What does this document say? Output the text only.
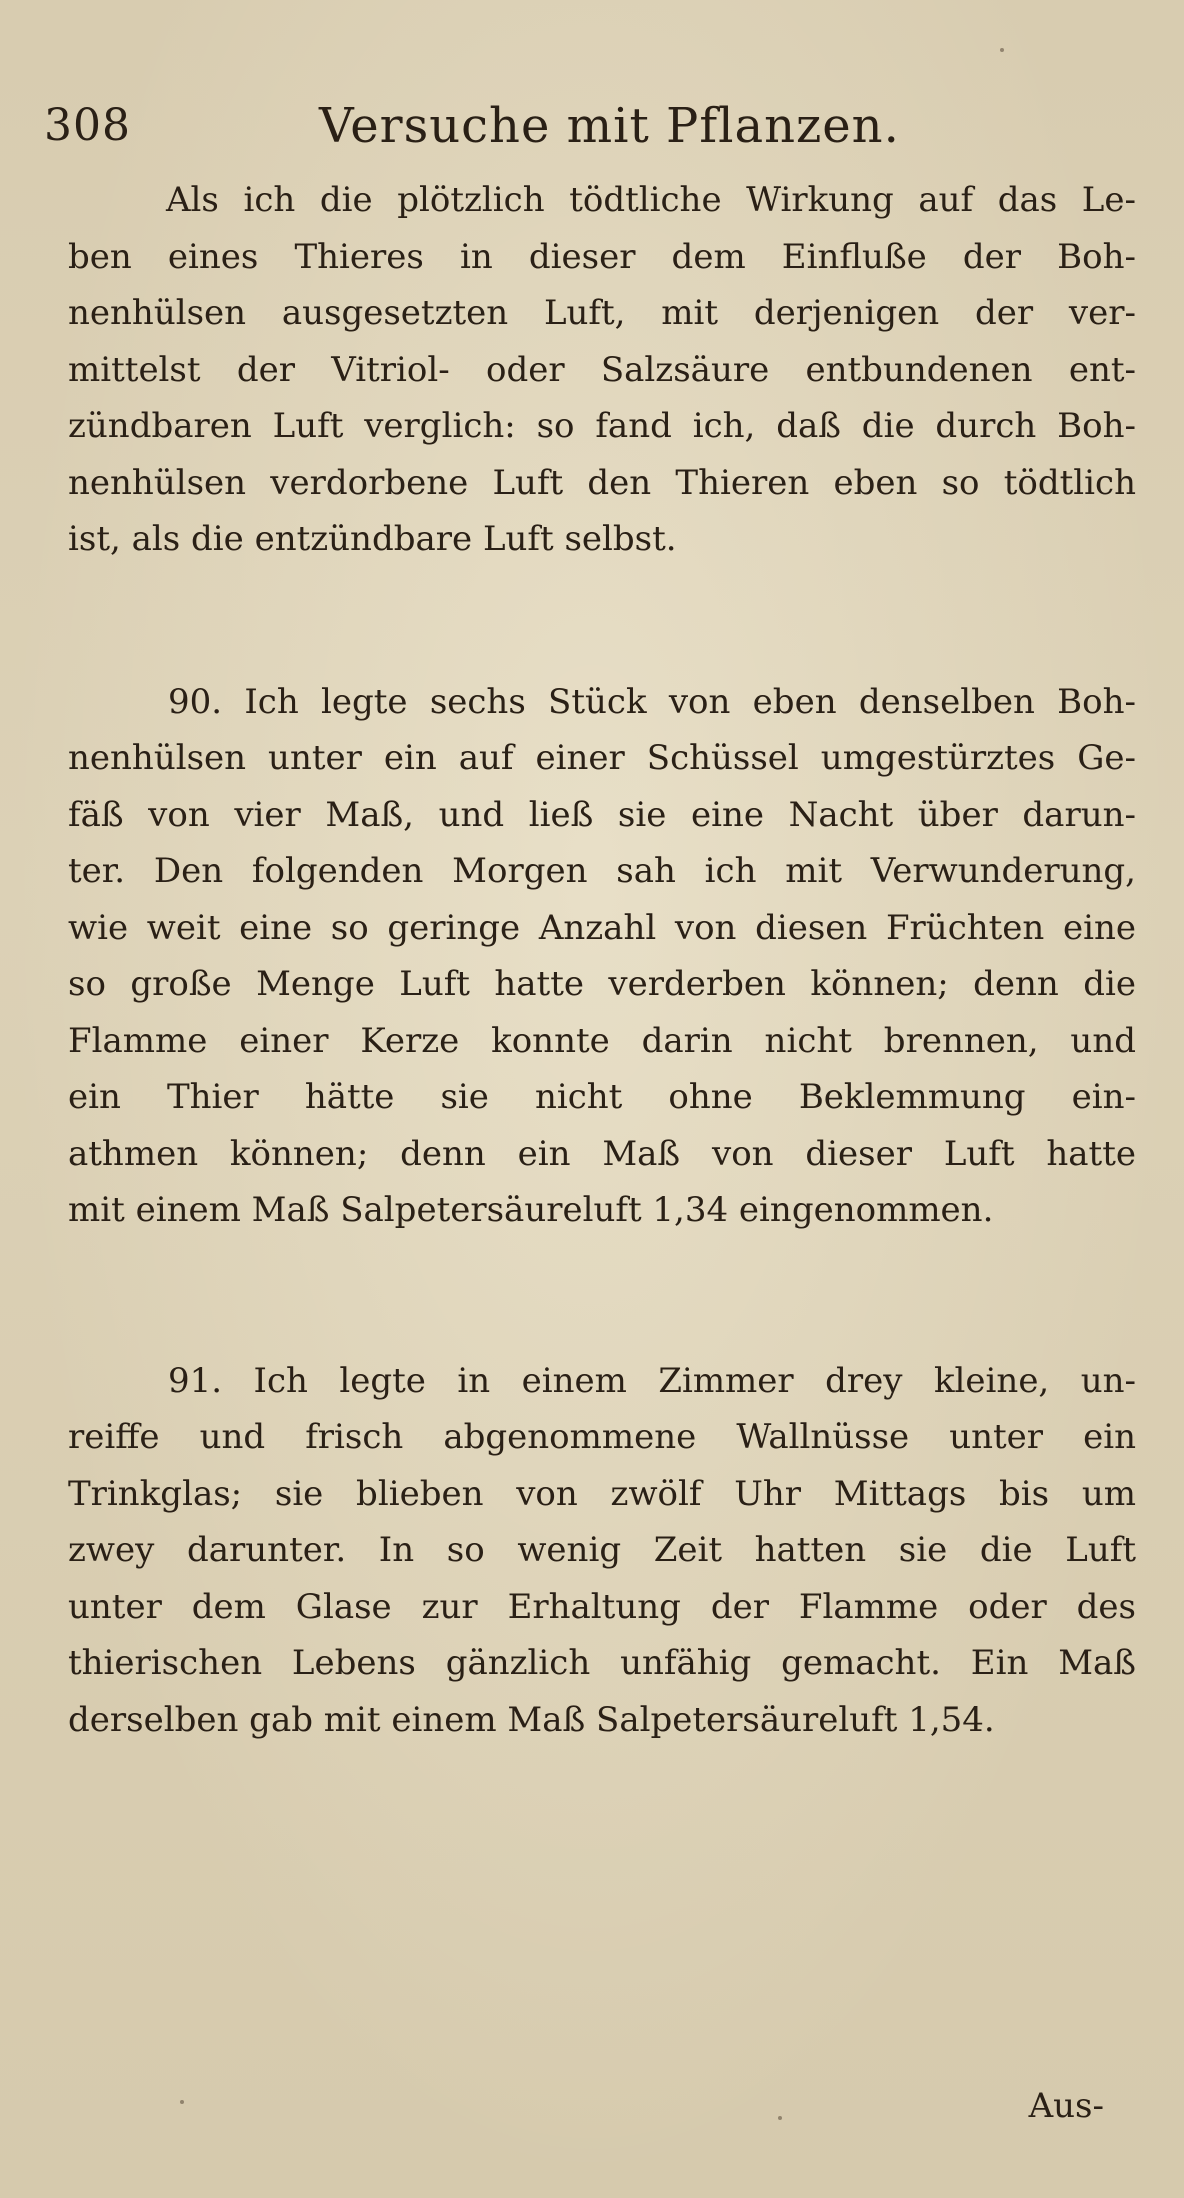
308	Versuche mit Pflanzen.
Als ich die plötzlich tödtliche Wirkung auf das Le-
ben eines Thieres in dieser dem Einfluße der Boh-
nenhülsen ausgesetzten Luft, mit derjenigen der ver-
mittelst der Vitriol- oder Salzsäure entbundenen ent-
zündbaren Luft verglich: so fand ich, daß die durch Boh-
nenhülsen verdorbene Luft den Thieren eben so tödtlich
ist, als die entzündbare Luft selbst.
90. Ich legte sechs Stück von eben denselben Boh-
nenhülsen unter ein auf einer Schüssel umgestürztes Ge-
fäß von vier Maß, und ließ sie eine Nacht über darun-
ter. Den folgenden Morgen sah ich mit Verwunderung,
wie weit eine so geringe Anzahl von diesen Früchten eine
so große Menge Luft hatte verderben können; denn die
Flamme einer Kerze konnte darin nicht brennen, und
ein Thier hätte sie nicht ohne Beklemmung ein-
athmen können; denn ein Maß von dieser Luft hatte
mit einem Maß Salpetersäureluft 1,34 eingenommen.
91. Ich legte in einem Zimmer drey kleine, un-
reiffe und frisch abgenommene Wallnüsse unter ein
Trinkglas; sie blieben von zwölf Uhr Mittags bis um
zwey darunter. In so wenig Zeit hatten sie die Luft
unter dem Glase zur Erhaltung der Flamme oder des
thierischen Lebens gänzlich unfähig gemacht. Ein Maß
derselben gab mit einem Maß Salpetersäureluft 1,54.
Aus-
